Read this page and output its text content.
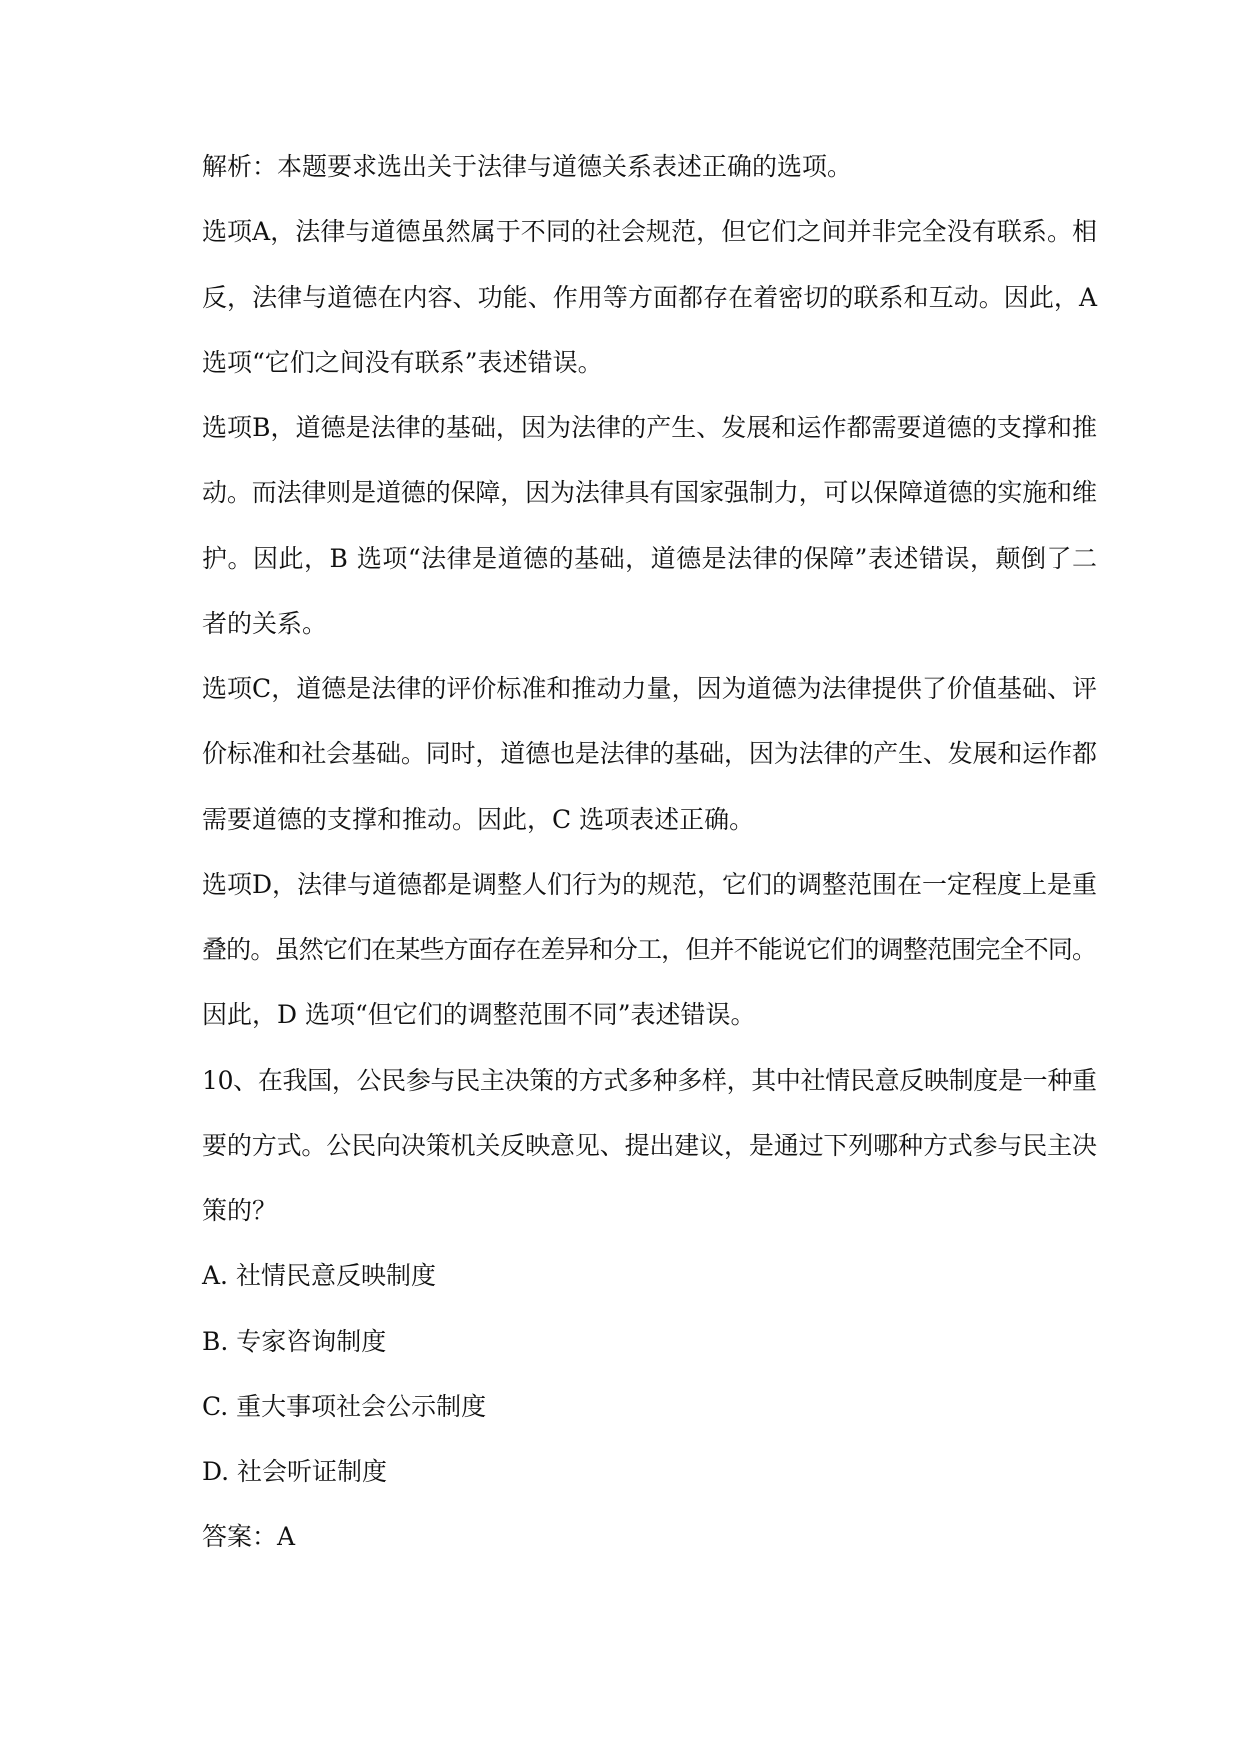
解析：本题要求选出关于法律与道德关系表述正确的选项。
选项A，法律与道德虽然属于不同的社会规范，但它们之间并非完全没有联系。相
反，法律与道德在内容、功能、作用等方面都存在着密切的联系和互动。因此，A
选项“它们之间没有联系”表述错误。
选项B，道德是法律的基础，因为法律的产生、发展和运作都需要道德的支撑和推
动。而法律则是道德的保障，因为法律具有国家强制力，可以保障道德的实施和维
护。因此，B 选项“法律是道德的基础，道德是法律的保障”表述错误，颠倒了二
者的关系。
选项C，道德是法律的评价标准和推动力量，因为道德为法律提供了价值基础、评
价标准和社会基础。同时，道德也是法律的基础，因为法律的产生、发展和运作都
需要道德的支撑和推动。因此，C 选项表述正确。
选项D，法律与道德都是调整人们行为的规范，它们的调整范围在一定程度上是重
叠的。虽然它们在某些方面存在差异和分工，但并不能说它们的调整范围完全不同。
因此，D 选项“但它们的调整范围不同”表述错误。
10、在我国，公民参与民主决策的方式多种多样，其中社情民意反映制度是一种重
要的方式。公民向决策机关反映意见、提出建议，是通过下列哪种方式参与民主决
策的？
A. 社情民意反映制度
B. 专家咨询制度
C. 重大事项社会公示制度
D. 社会听证制度
答案：A
